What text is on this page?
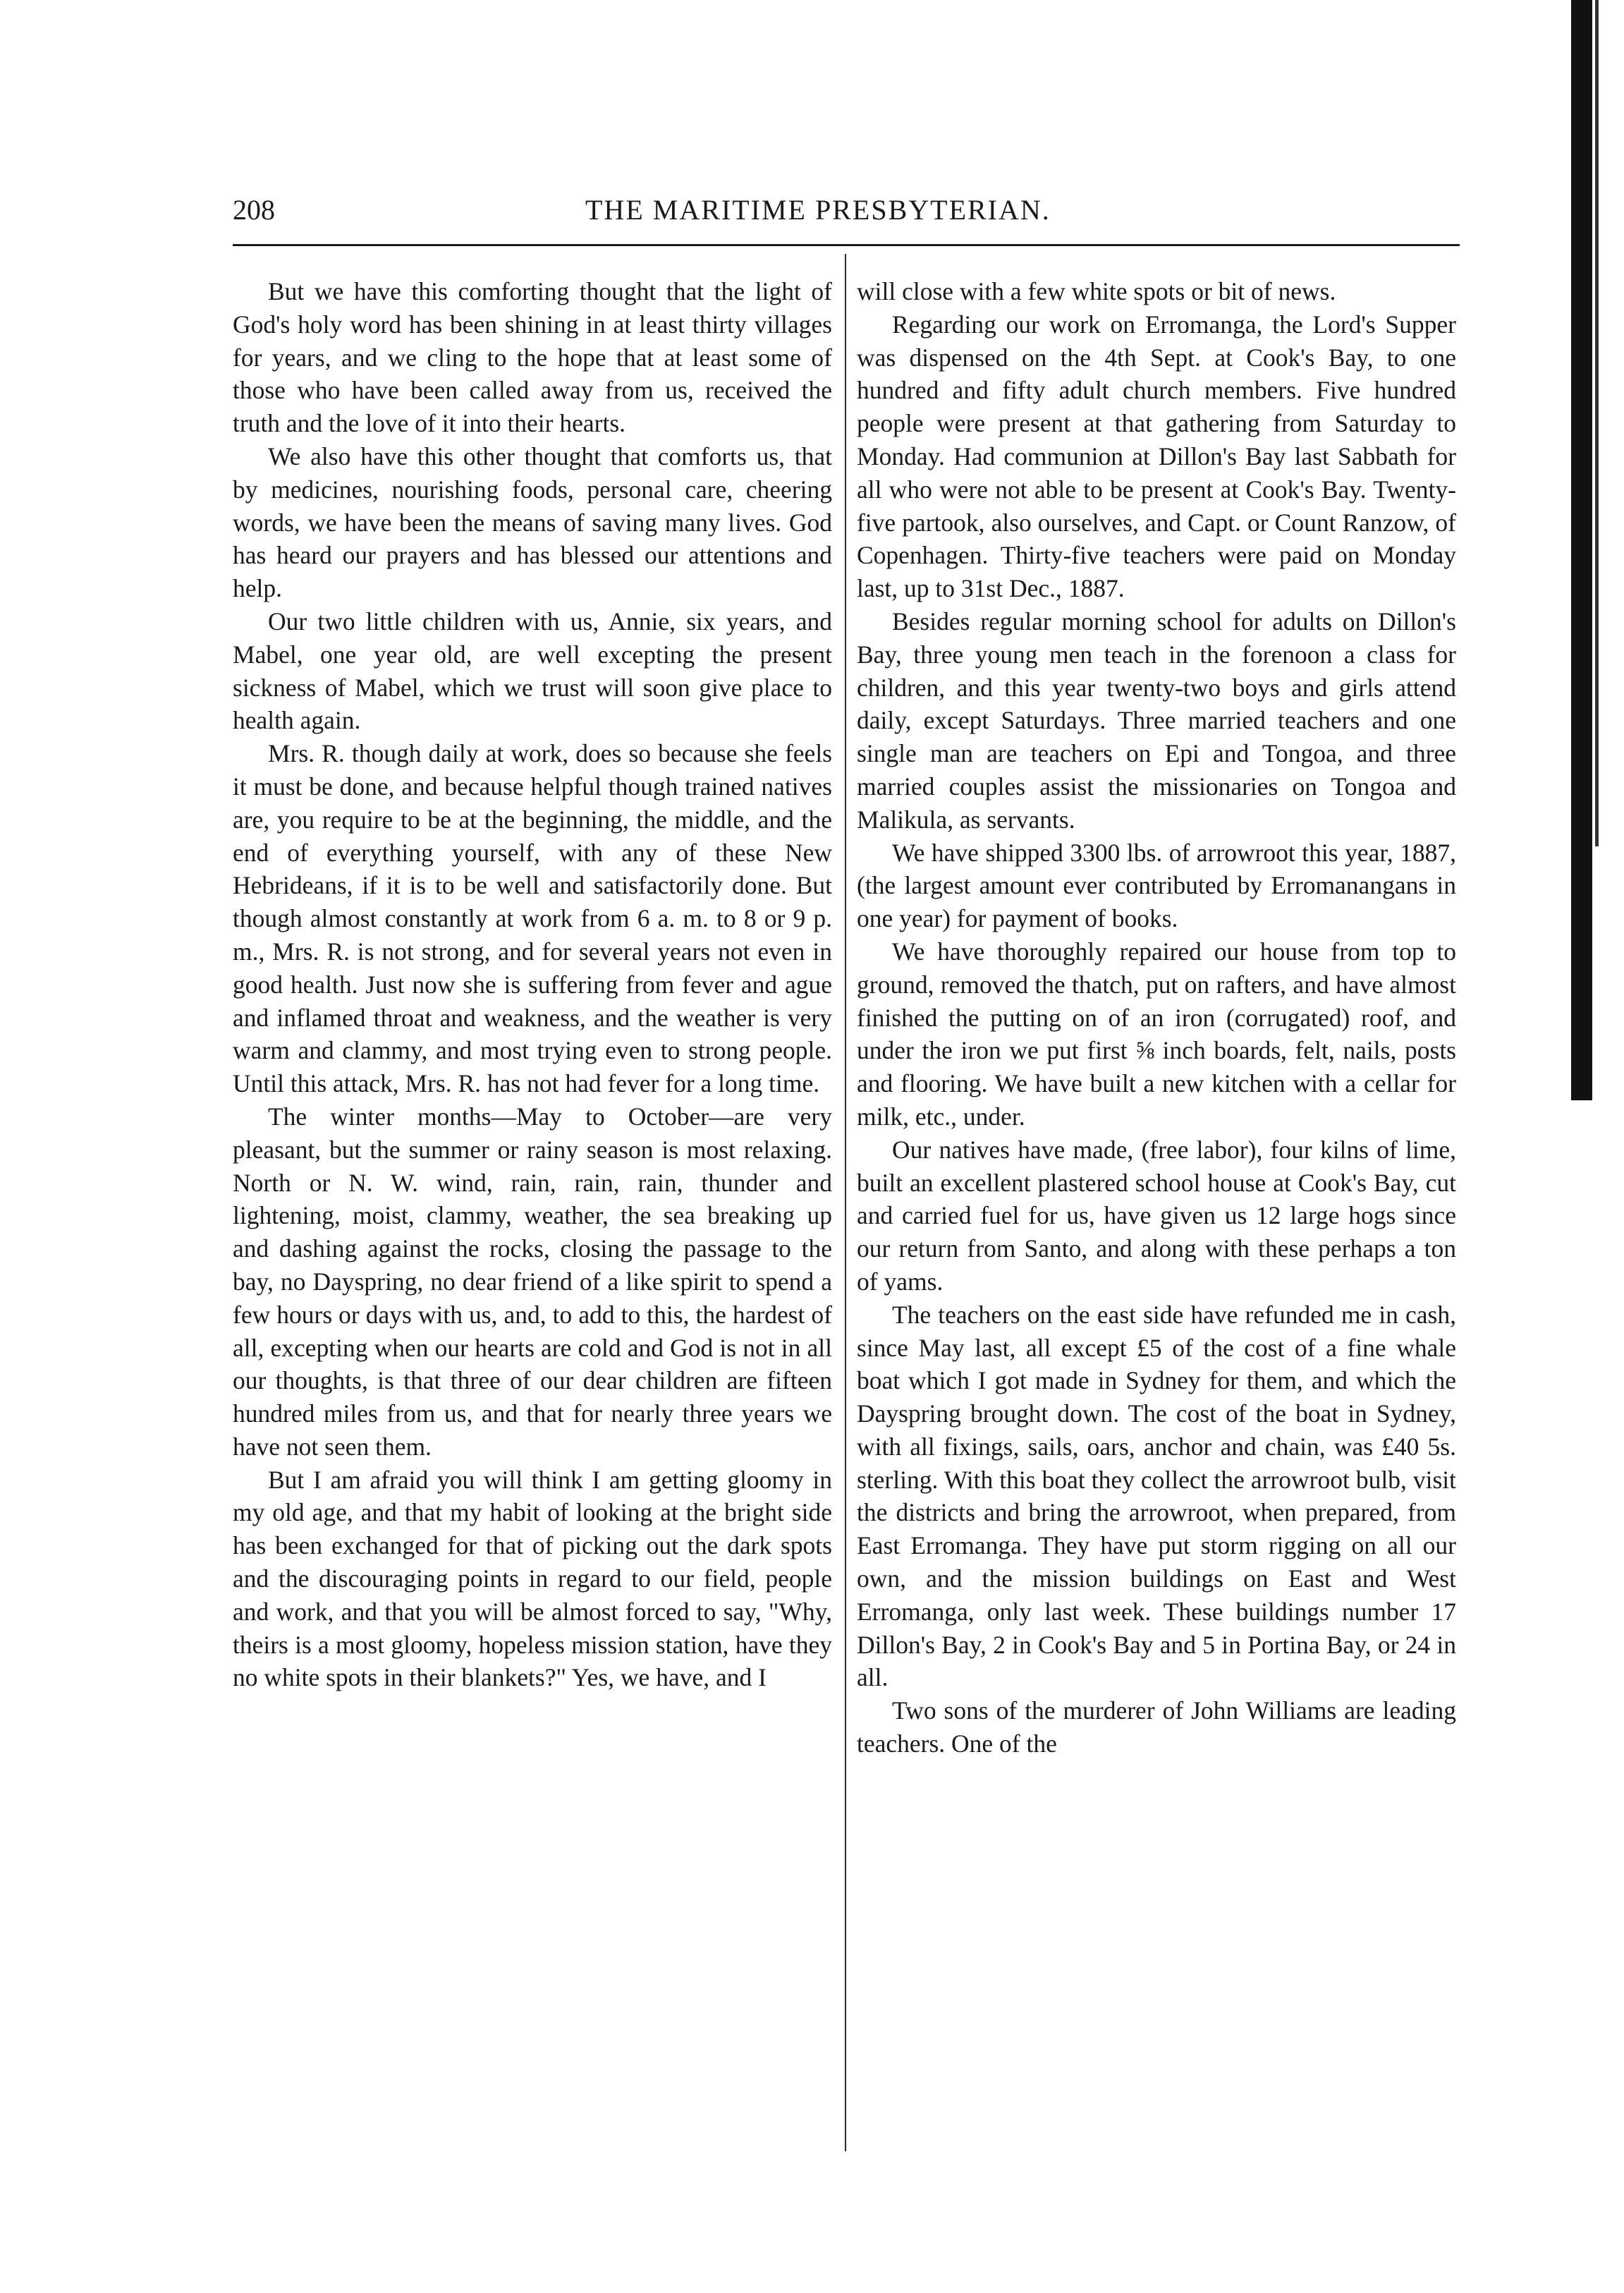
208	THE MARITIME PRESBYTERIAN.

But we have this comforting thought that the light of God's holy word has been shining in at least thirty villages for years, and we cling to the hope that at least some of those who have been called away from us, received the truth and the love of it into their hearts.

We also have this other thought that comforts us, that by medicines, nourishing foods, personal care, cheering words, we have been the means of saving many lives. God has heard our prayers and has blessed our attentions and help.

Our two little children with us, Annie, six years, and Mabel, one year old, are well excepting the present sickness of Mabel, which we trust will soon give place to health again.

Mrs. R. though daily at work, does so because she feels it must be done, and because helpful though trained natives are, you require to be at the beginning, the middle, and the end of everything yourself, with any of these New Hebrideans, if it is to be well and satisfactorily done. But though almost constantly at work from 6 a. m. to 8 or 9 p. m., Mrs. R. is not strong, and for several years not even in good health. Just now she is suffering from fever and ague and inflamed throat and weakness, and the weather is very warm and clammy, and most trying even to strong people. Until this attack, Mrs. R. has not had fever for a long time.

The winter months—May to October—are very pleasant, but the summer or rainy season is most relaxing. North or N. W. wind, rain, rain, rain, thunder and lightening, moist, clammy, weather, the sea breaking up and dashing against the rocks, closing the passage to the bay, no Dayspring, no dear friend of a like spirit to spend a few hours or days with us, and, to add to this, the hardest of all, excepting when our hearts are cold and God is not in all our thoughts, is that three of our dear children are fifteen hundred miles from us, and that for nearly three years we have not seen them.

But I am afraid you will think I am getting gloomy in my old age, and that my habit of looking at the bright side has been exchanged for that of picking out the dark spots and the discouraging points in regard to our field, people and work, and that you will be almost forced to say, "Why, theirs is a most gloomy, hopeless mission station, have they no white spots in their blankets?" Yes, we have, and I

will close with a few white spots or bit of news.

Regarding our work on Erromanga, the Lord's Supper was dispensed on the 4th Sept. at Cook's Bay, to one hundred and fifty adult church members. Five hundred people were present at that gathering from Saturday to Monday. Had communion at Dillon's Bay last Sabbath for all who were not able to be present at Cook's Bay. Twenty-five partook, also ourselves, and Capt. or Count Ranzow, of Copenhagen. Thirty-five teachers were paid on Monday last, up to 31st Dec., 1887.

Besides regular morning school for adults on Dillon's Bay, three young men teach in the forenoon a class for children, and this year twenty-two boys and girls attend daily, except Saturdays. Three married teachers and one single man are teachers on Epi and Tongoa, and three married couples assist the missionaries on Tongoa and Malikula, as servants.

We have shipped 3300 lbs. of arrowroot this year, 1887, (the largest amount ever contributed by Erromanangans in one year) for payment of books.

We have thoroughly repaired our house from top to ground, removed the thatch, put on rafters, and have almost finished the putting on of an iron (corrugated) roof, and under the iron we put first ⅝ inch boards, felt, nails, posts and flooring. We have built a new kitchen with a cellar for milk, etc., under.

Our natives have made, (free labor), four kilns of lime, built an excellent plastered school house at Cook's Bay, cut and carried fuel for us, have given us 12 large hogs since our return from Santo, and along with these perhaps a ton of yams.

The teachers on the east side have refunded me in cash, since May last, all except £5 of the cost of a fine whale boat which I got made in Sydney for them, and which the Dayspring brought down. The cost of the boat in Sydney, with all fixings, sails, oars, anchor and chain, was £40 5s. sterling. With this boat they collect the arrowroot bulb, visit the districts and bring the arrowroot, when prepared, from East Erromanga. They have put storm rigging on all our own, and the mission buildings on East and West Erromanga, only last week. These buildings number 17 Dillon's Bay, 2 in Cook's Bay and 5 in Portina Bay, or 24 in all.

Two sons of the murderer of John Williams are leading teachers. One of the
